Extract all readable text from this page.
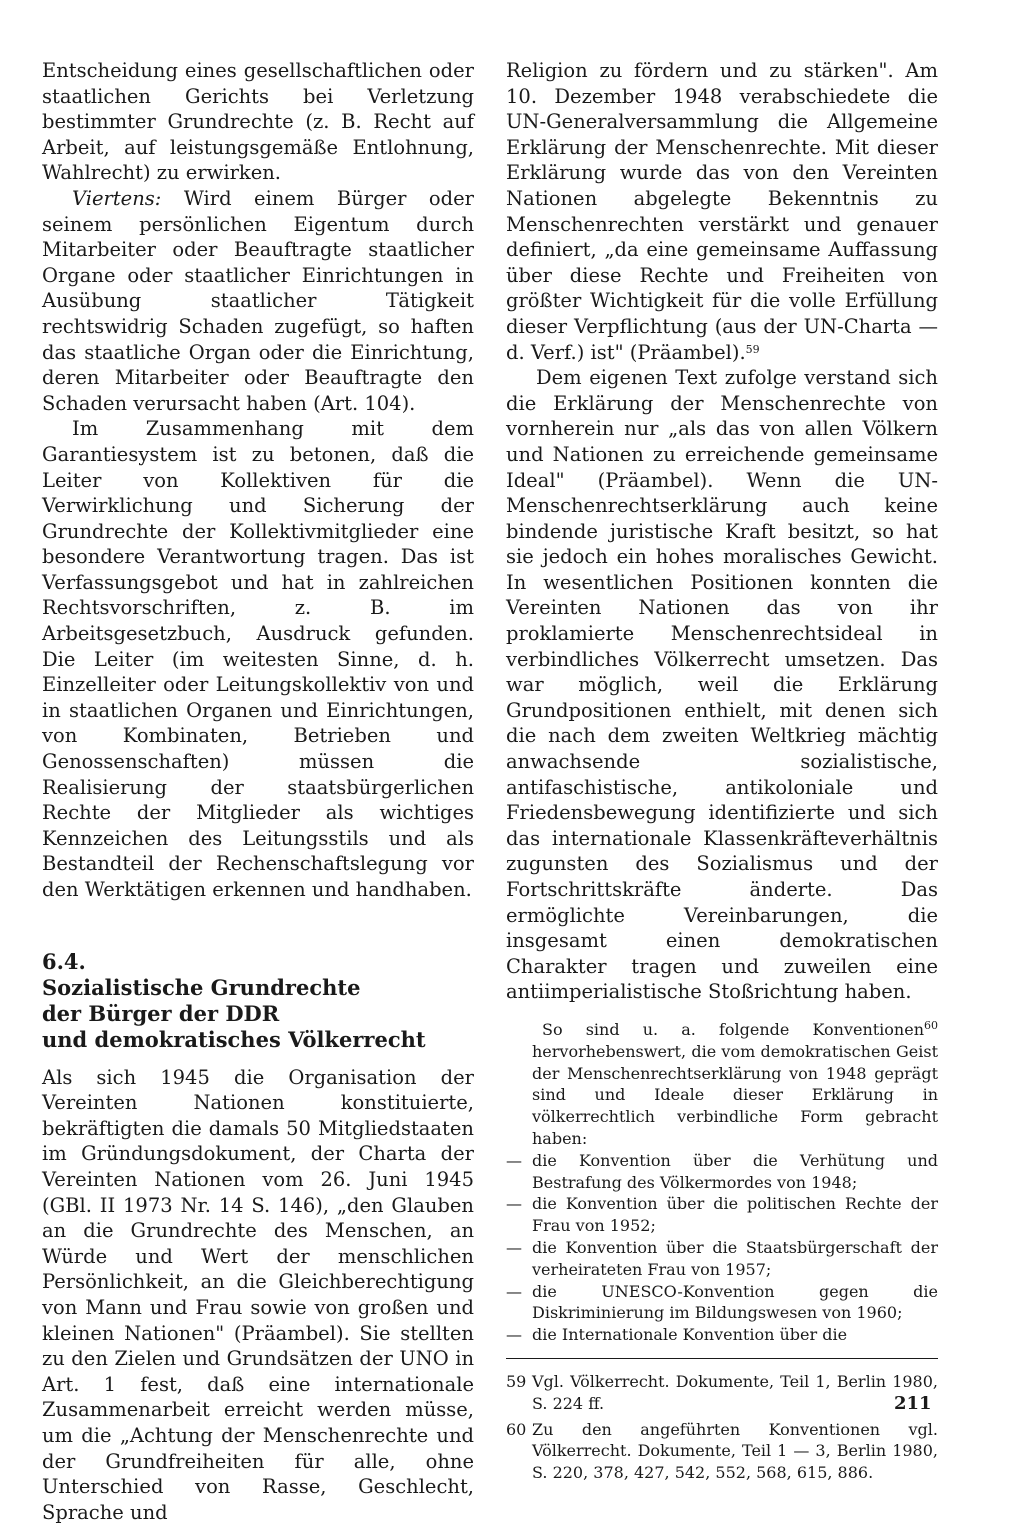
Entscheidung eines gesellschaftlichen oder staatlichen Gerichts bei Verletzung bestimmter Grundrechte (z. B. Recht auf Arbeit, auf leistungsgemäße Entlohnung, Wahlrecht) zu erwirken.

Viertens: Wird einem Bürger oder seinem persönlichen Eigentum durch Mitarbeiter oder Beauftragte staatlicher Organe oder staatlicher Einrichtungen in Ausübung staatlicher Tätigkeit rechtswidrig Schaden zugefügt, so haften das staatliche Organ oder die Einrichtung, deren Mitarbeiter oder Beauftragte den Schaden verursacht haben (Art. 104).

Im Zusammenhang mit dem Garantiesystem ist zu betonen, daß die Leiter von Kollektiven für die Verwirklichung und Sicherung der Grundrechte der Kollektivmitglieder eine besondere Verantwortung tragen. Das ist Verfassungsgebot und hat in zahlreichen Rechtsvorschriften, z. B. im Arbeitsgesetzbuch, Ausdruck gefunden. Die Leiter (im weitesten Sinne, d. h. Einzelleiter oder Leitungskollektiv von und in staatlichen Organen und Einrichtungen, von Kombinaten, Betrieben und Genossenschaften) müssen die Realisierung der staatsbürgerlichen Rechte der Mitglieder als wichtiges Kennzeichen des Leitungsstils und als Bestandteil der Rechenschaftslegung vor den Werktätigen erkennen und handhaben.

6.4.
Sozialistische Grundrechte
der Bürger der DDR
und demokratisches Völkerrecht

Als sich 1945 die Organisation der Vereinten Nationen konstituierte, bekräftigten die damals 50 Mitgliedstaaten im Gründungsdokument, der Charta der Vereinten Nationen vom 26. Juni 1945 (GBl. II 1973 Nr. 14 S. 146), „den Glauben an die Grundrechte des Menschen, an Würde und Wert der menschlichen Persönlichkeit, an die Gleichberechtigung von Mann und Frau sowie von großen und kleinen Nationen" (Präambel). Sie stellten zu den Zielen und Grundsätzen der UNO in Art. 1 fest, daß eine internationale Zusammenarbeit erreicht werden müsse, um die „Achtung der Menschenrechte und der Grundfreiheiten für alle, ohne Unterschied von Rasse, Geschlecht, Sprache und

Religion zu fördern und zu stärken". Am 10. Dezember 1948 verabschiedete die UN-Generalversammlung die Allgemeine Erklärung der Menschenrechte. Mit dieser Erklärung wurde das von den Vereinten Nationen abgelegte Bekenntnis zu Menschenrechten verstärkt und genauer definiert, „da eine gemeinsame Auffassung über diese Rechte und Freiheiten von größter Wichtigkeit für die volle Erfüllung dieser Verpflichtung (aus der UN-Charta — d. Verf.) ist" (Präambel).$^{59}$

Dem eigenen Text zufolge verstand sich die Erklärung der Menschenrechte von vornherein nur „als das von allen Völkern und Nationen zu erreichende gemeinsame Ideal" (Präambel). Wenn die UN-Menschenrechtserklärung auch keine bindende juristische Kraft besitzt, so hat sie jedoch ein hohes moralisches Gewicht. In wesentlichen Positionen konnten die Vereinten Nationen das von ihr proklamierte Menschenrechtsideal in verbindliches Völkerrecht umsetzen. Das war möglich, weil die Erklärung Grundpositionen enthielt, mit denen sich die nach dem zweiten Weltkrieg mächtig anwachsende sozialistische, antifaschistische, antikoloniale und Friedensbewegung identifizierte und sich das internationale Klassenkräfteverhältnis zugunsten des Sozialismus und der Fortschrittskräfte änderte. Das ermöglichte Vereinbarungen, die insgesamt einen demokratischen Charakter tragen und zuweilen eine antiimperialistische Stoßrichtung haben.

So sind u. a. folgende Konventionen$^{60}$ hervorhebenswert, die vom demokratischen Geist der Menschenrechtserklärung von 1948 geprägt sind und Ideale dieser Erklärung in völkerrechtlich verbindliche Form gebracht haben:

— die Konvention über die Verhütung und Bestrafung des Völkermordes von 1948;
— die Konvention über die politischen Rechte der Frau von 1952;
— die Konvention über die Staatsbürgerschaft der verheirateten Frau von 1957;
— die UNESCO-Konvention gegen die Diskriminierung im Bildungswesen von 1960;
— die Internationale Konvention über die
59 Vgl. Völkerrecht. Dokumente, Teil 1, Berlin 1980, S. 224 ff.
60 Zu den angeführten Konventionen vgl. Völkerrecht. Dokumente, Teil 1 — 3, Berlin 1980, S. 220, 378, 427, 542, 552, 568, 615, 886.
211
